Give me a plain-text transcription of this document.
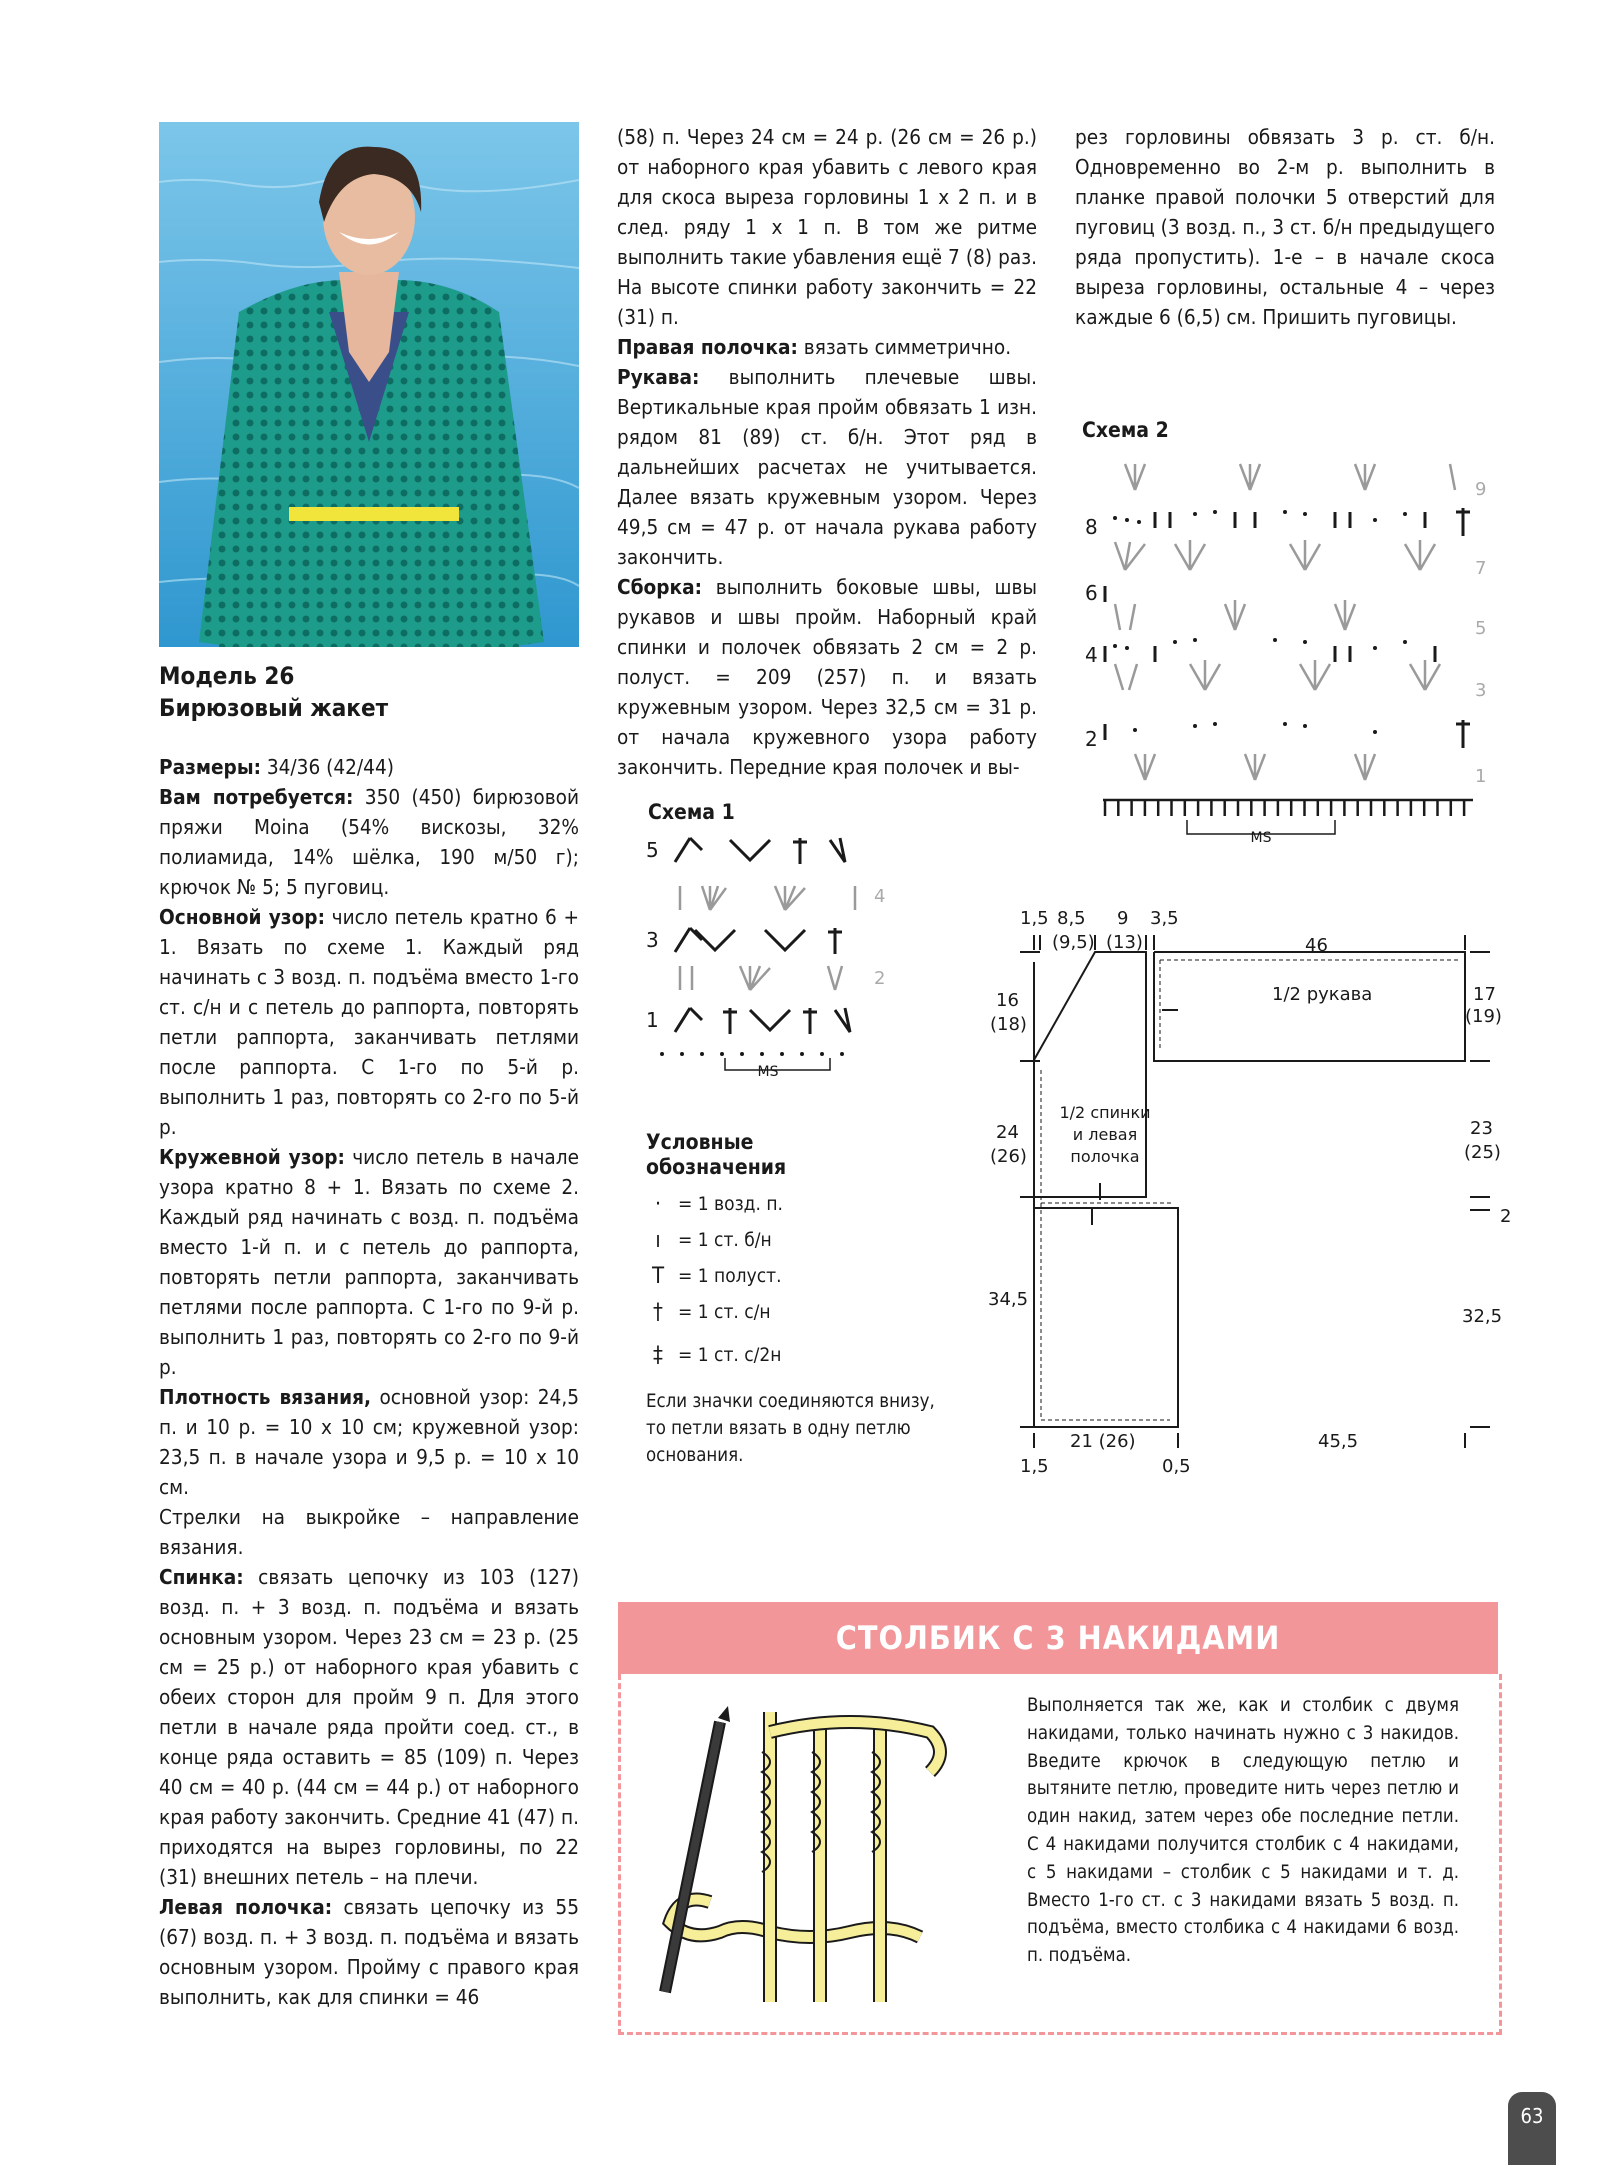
Модель 26
Бирюзовый жакет

Размеры: 34/36 (42/44)

Вам потребуется: 350 (450) бирюзовой пряжи Moina (54% вискозы, 32% полиамида, 14% шёлка, 190 м/50 г); крючок № 5; 5 пуговиц.

Основной узор: число петель кратно 6 + 1. Вязать по схеме 1. Каждый ряд начинать с 3 возд. п. подъёма вместо 1-го ст. с/н и с петель до раппорта, повторять петли раппорта, заканчивать петлями после раппорта. С 1-го по 5-й р. выполнить 1 раз, повторять со 2-го по 5-й р.

Кружевной узор: число петель в начале узора кратно 8 + 1. Вязать по схеме 2. Каждый ряд начинать с возд. п. подъёма вместо 1-й п. и с петель до раппорта, повторять петли раппорта, заканчивать петлями после раппорта. С 1-го по 9-й р. выполнить 1 раз, повторять со 2-го по 9-й р.

Плотность вязания, основной узор: 24,5 п. и 10 р. = 10 х 10 см; кружевной узор: 23,5 п. в начале узора и 9,5 р. = 10 х 10 см.

Стрелки на выкройке – направление вязания.

Спинка: связать цепочку из 103 (127) возд. п. + 3 возд. п. подъёма и вязать основным узором. Через 23 см = 23 р. (25 см = 25 р.) от наборного края убавить с обеих сторон для пройм 9 п. Для этого петли в начале ряда пройти соед. ст., в конце ряда оставить = 85 (109) п. Через 40 см = 40 р. (44 см = 44 р.) от наборного края работу закончить. Средние 41 (47) п. приходятся на вырез горловины, по 22 (31) внешних петель – на плечи.

Левая полочка: связать цепочку из 55 (67) возд. п. + 3 возд. п. подъёма и вязать основным узором. Пройму с правого края выполнить, как для спинки = 46

(58) п. Через 24 см = 24 р. (26 см = 26 р.) от наборного края убавить с левого края для скоса выреза горловины 1 х 2 п. и в след. ряду 1 х 1 п. В том же ритме выполнить такие убавления ещё 7 (8) раз. На высоте спинки работу закончить = 22 (31) п.

Правая полочка: вязать симметрично.

Рукава: выполнить плечевые швы. Вертикальные края пройм обвязать 1 изн. рядом 81 (89) ст. б/н. Этот ряд в дальнейших расчетах не учитывается. Далее вязать кружевным узором. Через 49,5 см = 47 р. от начала рукава работу закончить.

Сборка: выполнить боковые швы, швы рукавов и швы пройм. Наборный край спинки и полочек обвязать 2 см = 2 р. полуст. = 209 (257) п. и вязать кружевным узором. Через 32,5 см = 31 р. от начала кружевного узора работу закончить. Передние края полочек и вы-

рез горловины обвязать 3 р. ст. б/н. Одновременно во 2-м р. выполнить в планке правой полочки 5 отверстий для пуговиц (3 возд. п., 3 ст. б/н предыдущего ряда пропустить). 1-е – в начале скоса выреза горловины, остальные 4 – через каждые 6 (6,5) см. Пришить пуговицы.

Схема 1
5
3
1
4
2
MS
Условные
обозначения
· = 1 возд. п.
ı = 1 ст. б/н
T = 1 полуст.
† = 1 ст. с/н
‡ = 1 ст. с/2н
Если значки соединяются внизу, то петли вязать в одну петлю основания.
Схема 2
8
6
4
2
9
7
5
3
1
MS
1,5 8,5 9 3,5
(9,5) (13)	46
1/2 рукава	17
(19)
16
(18)
24
(26)
34,5
23
(25)
2
32,5
21 (26)
1,5	0,5
45,5
1/2 спинки
и левая
полочка
СТОЛБИК С 3 НАКИДАМИ
Выполняется так же, как и столбик с двумя накидами, только начинать нужно с 3 накидов. Введите крючок в следующую петлю и вытяните петлю, проведите нить через петлю и один накид, затем через обе последние петли. С 4 накидами получится столбик с 4 накидами, с 5 накидами – столбик с 5 накидами и т. д. Вместо 1-го ст. с 3 накидами вязать 5 возд. п. подъёма, вместо столбика с 4 накидами 6 возд. п. подъёма.
63
